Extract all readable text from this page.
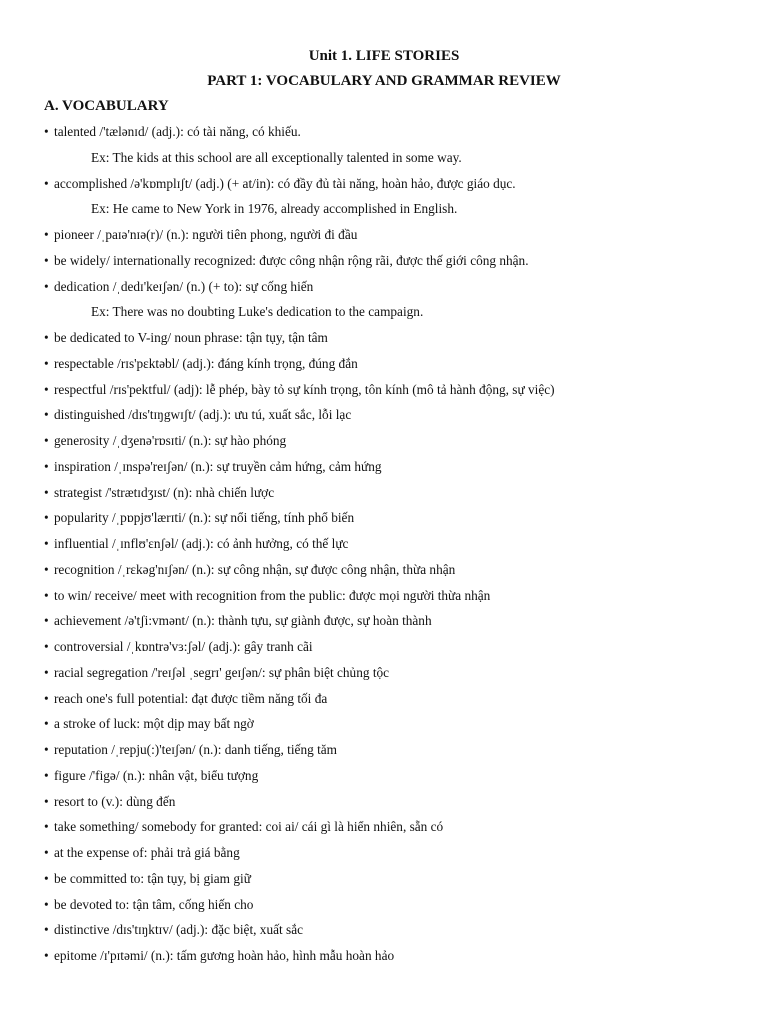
Unit 1. LIFE STORIES
PART 1: VOCABULARY AND GRAMMAR REVIEW
A. VOCABULARY
• talented /'tælənɪd/ (adj.): có tài năng, có khiếu.
Ex: The kids at this school are all exceptionally talented in some way.
• accomplished /ə'kɒmplɪʃt/ (adj.) (+ at/in): có đầy đủ tài năng, hoàn hảo, được giáo dục.
Ex: He came to New York in 1976, already accomplished in English.
• pioneer /ˌpaɪə'nɪə(r)/ (n.): người tiên phong, người đi đầu
• be widely/ internationally recognized: được công nhận rộng rãi, được thế giới công nhận.
• dedication /ˌdedɪ'keɪʃən/ (n.) (+ to): sự cống hiến
Ex: There was no doubting Luke's dedication to the campaign.
• be dedicated to V-ing/ noun phrase: tận tụy, tận tâm
• respectable /rɪs'pɛktəbl/ (adj.): đáng kính trọng, đúng đắn
• respectful /rɪs'pektful/ (adj): lễ phép, bày tỏ sự kính trọng, tôn kính (mô tả hành động, sự việc)
• distinguished /dɪs'tɪŋgwɪʃt/ (adj.): ưu tú, xuất sắc, lỗi lạc
• generosity /ˌdʒenə'rɒsɪti/ (n.): sự hào phóng
• inspiration /ˌɪnspə'reɪʃən/ (n.): sự truyền cảm hứng, cảm hứng
• strategist /'strætɪdʒɪst/ (n): nhà chiến lược
• popularity /ˌpɒpjʊ'lærɪti/ (n.): sự nổi tiếng, tính phổ biến
• influential /ˌɪnflʊ'ɛnʃəl/ (adj.): có ảnh hưởng, có thế lực
• recognition /ˌrɛkəg'nɪʃən/ (n.): sự công nhận, sự được công nhận, thừa nhận
• to win/ receive/ meet with recognition from the public: được mọi người thừa nhận
• achievement /ə'tʃi:vmənt/ (n.): thành tựu, sự giành được, sự hoàn thành
• controversial /ˌkɒntrə'vɜ:ʃəl/ (adj.): gây tranh cãi
• racial segregation /'reɪʃəl ˌsegrɪ' geɪʃən/: sự phân biệt chủng tộc
• reach one's full potential: đạt được tiềm năng tối đa
• a stroke of luck: một dịp may bất ngờ
• reputation /ˌrepju(:)'teɪʃən/ (n.): danh tiếng, tiếng tăm
• figure /'figə/ (n.): nhân vật, biểu tượng
• resort to (v.): dùng đến
• take something/ somebody for granted: coi ai/ cái gì là hiển nhiên, sẵn có
• at the expense of: phải trả giá bằng
• be committed to: tận tụy, bị giam giữ
• be devoted to: tận tâm, cống hiến cho
• distinctive /dɪs'tɪŋktɪv/ (adj.): đặc biệt, xuất sắc
• epitome /ɪ'pɪtəmi/ (n.): tấm gương hoàn hảo, hình mẫu hoàn hảo
